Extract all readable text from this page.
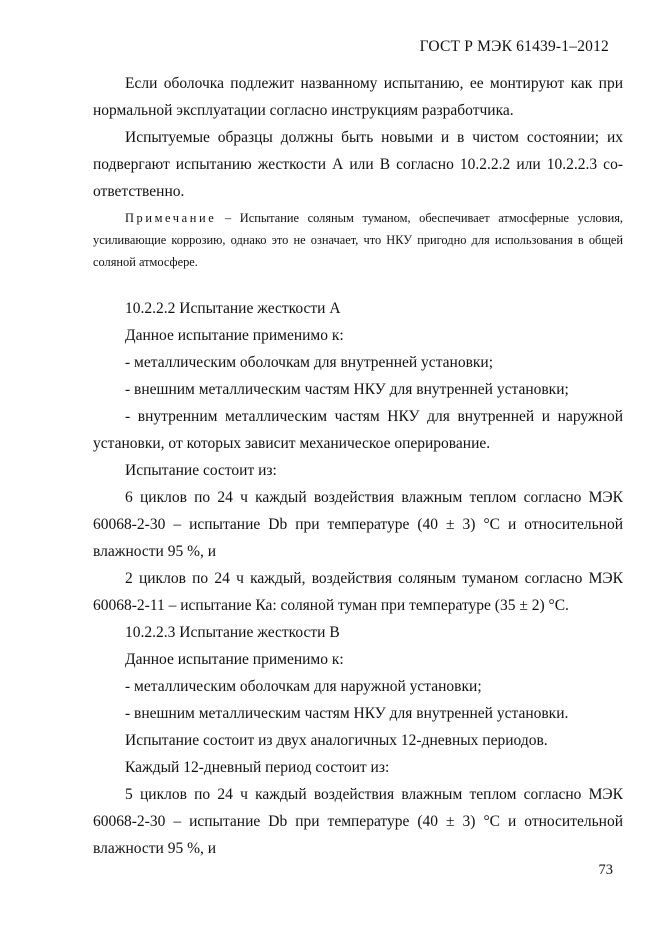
ГОСТ Р МЭК 61439-1–2012

Если оболочка подлежит названному испытанию, ее монтируют как при нормальной эксплуатации согласно инструкциям разработчика.

Испытуемые образцы должны быть новыми и в чистом состоянии; их подвергают испытанию жесткости А или В согласно 10.2.2.2 или 10.2.2.3 соответственно.

Примечание – Испытание соляным туманом, обеспечивает атмосферные условия, усиливающие коррозию, однако это не означает, что НКУ пригодно для использования в общей соляной атмосфере.

10.2.2.2 Испытание жесткости А

Данное испытание применимо к:

- металлическим оболочкам для внутренней установки;

- внешним металлическим частям НКУ для внутренней установки;

- внутренним металлическим частям НКУ для внутренней и наружной установки, от которых зависит механическое оперирование.

Испытание состоит из:

6 циклов по 24 ч каждый воздействия влажным теплом согласно МЭК 60068-2-30 – испытание Db при температуре (40 ± 3) °С и относительной влажности 95 %, и

2 циклов по 24 ч каждый, воздействия соляным туманом согласно МЭК 60068-2-11 – испытание Ка: соляной туман при температуре (35 ± 2) °С.

10.2.2.3 Испытание жесткости В

Данное испытание применимо к:

- металлическим оболочкам для наружной установки;

- внешним металлическим частям НКУ для внутренней установки.

Испытание состоит из двух аналогичных 12-дневных периодов.

Каждый 12-дневный период состоит из:

5 циклов по 24 ч каждый воздействия влажным теплом согласно МЭК 60068-2-30 – испытание Db при температуре (40 ± 3) °С и относительной влажности 95 %, и

73
